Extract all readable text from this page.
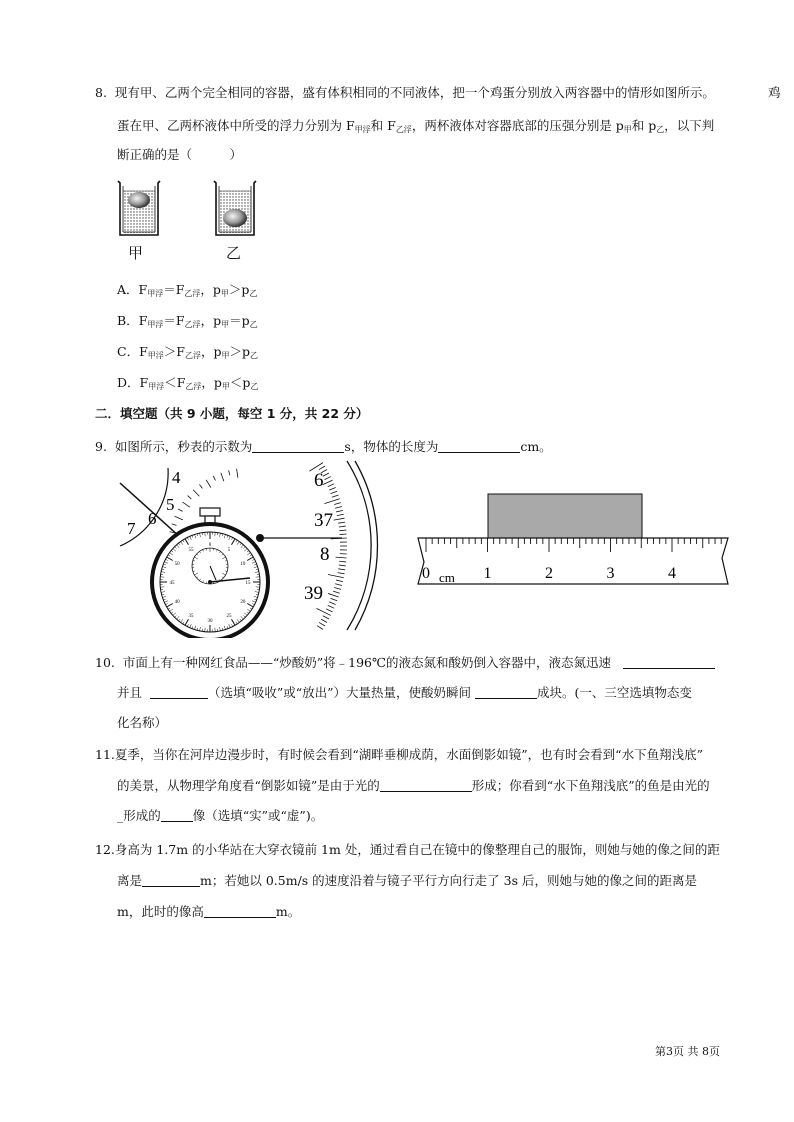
8. 现有甲、乙两个完全相同的容器，盛有体积相同的不同液体，把一个鸡蛋分别放入两容器中的情形如图所示。	鸡
蛋在甲、乙两杯液体中所受的浮力分别为 $F_{甲浮}$和 $F_{乙浮}$，两杯液体对容器底部的压强分别是 $p_甲$和 $p_乙$，以下判
断正确的是（　　　）
甲	乙
A．$F_{甲浮}=F_{乙浮}$，$p_甲>p_乙$
B．$F_{甲浮}=F_{乙浮}$，$p_甲=p_乙$
C．$F_{甲浮}>F_{乙浮}$，$p_甲>p_乙$
D．$F_{甲浮}<F_{乙浮}$，$p_甲<p_乙$
二．填空题（共 9 小题，每空 1 分，共 22 分）
9. 如图所示，秒表的示数为	s，物体的长度为	cm。
4
5
6
7
0
5
10
15
20
25
30
35
40
45
50
55
6
37
8
39
0	1	2	3	4
cm
10. 市面上有一种网红食品——“炒酸奶”将﹣196℃的液态氮和酸奶倒入容器中，液态氮迅速
并且	（选填“吸收”或“放出”）大量热量，使酸奶瞬间	成块。(一、三空选填物态变
化名称）
11.夏季，当你在河岸边漫步时，有时候会看到“湖畔垂柳成荫，水面倒影如镜”，也有时会看到“水下鱼翔浅底”
的美景，从物理学角度看“倒影如镜”是由于光的	形成；你看到“水下鱼翔浅底”的鱼是由光的
_形成的	像（选填“实”或“虚”)。
12.身高为 1.7m 的小华站在大穿衣镜前 1m 处，通过看自己在镜中的像整理自己的服饰，则她与她的像之间的距
离是	m；若她以 0.5m/s 的速度沿着与镜子平行方向行走了 3s 后，则她与她的像之间的距离是
m，此时的像高	m。
第3页 共 8页
